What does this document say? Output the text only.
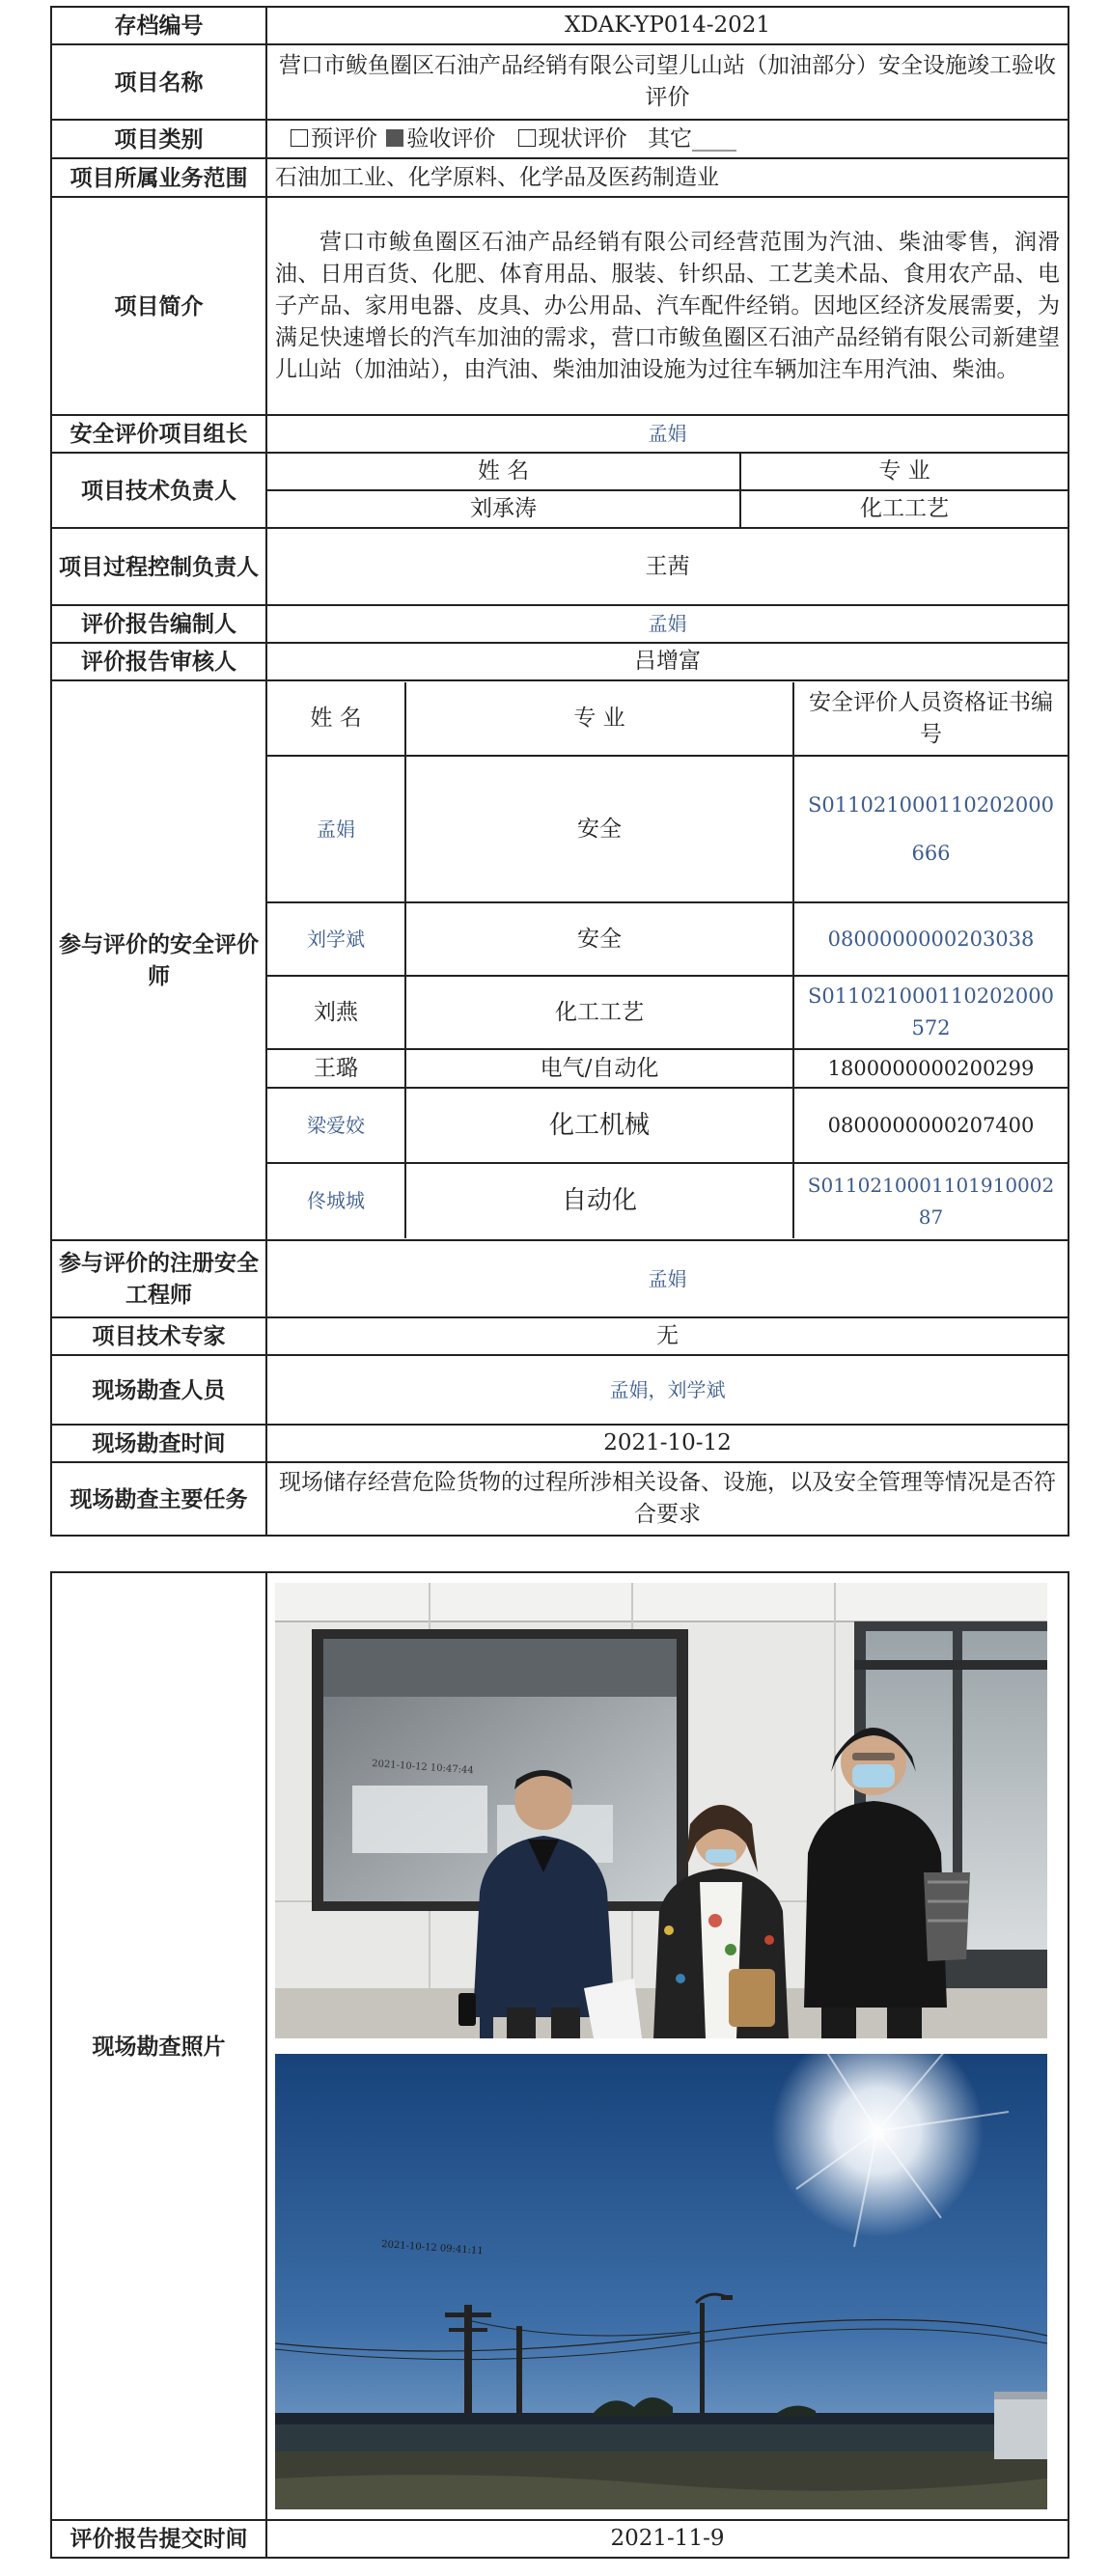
存档编号	XDAK-YP014-2021
项目名称	营口市鲅鱼圈区石油产品经销有限公司望儿山站（加油部分）安全设施竣工验收评价
项目类别	预评价 验收评价 现状评价 其它____
项目所属业务范围	石油加工业、化学原料、化学品及医药制造业
项目简介	营口市鲅鱼圈区石油产品经销有限公司经营范围为汽油、柴油零售，润滑油、日用百货、化肥、体育用品、服装、针织品、工艺美术品、食用农产品、电子产品、家用电器、皮具、办公用品、汽车配件经销。因地区经济发展需要，为满足快速增长的汽车加油的需求，营口市鲅鱼圈区石油产品经销有限公司新建望儿山站（加油站），由汽油、柴油加油设施为过往车辆加注车用汽油、柴油。
安全评价项目组长	孟娟
项目技术负责人	
姓 名	专 业
刘承涛	化工工艺

项目过程控制负责人	王茜
评价报告编制人	孟娟
评价报告审核人	吕增富
参与评价的安全评价师	
姓 名	专 业	安全评价人员资格证书编号
孟娟	安全	S011021000110202000666
刘学斌	安全	0800000000203038
刘燕	化工工艺	S011021000110202000572
王璐	电气/自动化	1800000000200299
梁爱姣	化工机械	0800000000207400
佟城城	自动化	S011021000110191000287

参与评价的注册安全工程师	孟娟
项目技术专家	无
现场勘查人员	孟娟，刘学斌
现场勘查时间	2021-10-12
现场勘查主要任务	现场储存经营危险货物的过程所涉相关设备、设施，以及安全管理等情况是否符合要求
现场勘查照片	2021-10-12 10:47:44
2021-10-12 09:41:11

评价报告提交时间	2021-11-9
